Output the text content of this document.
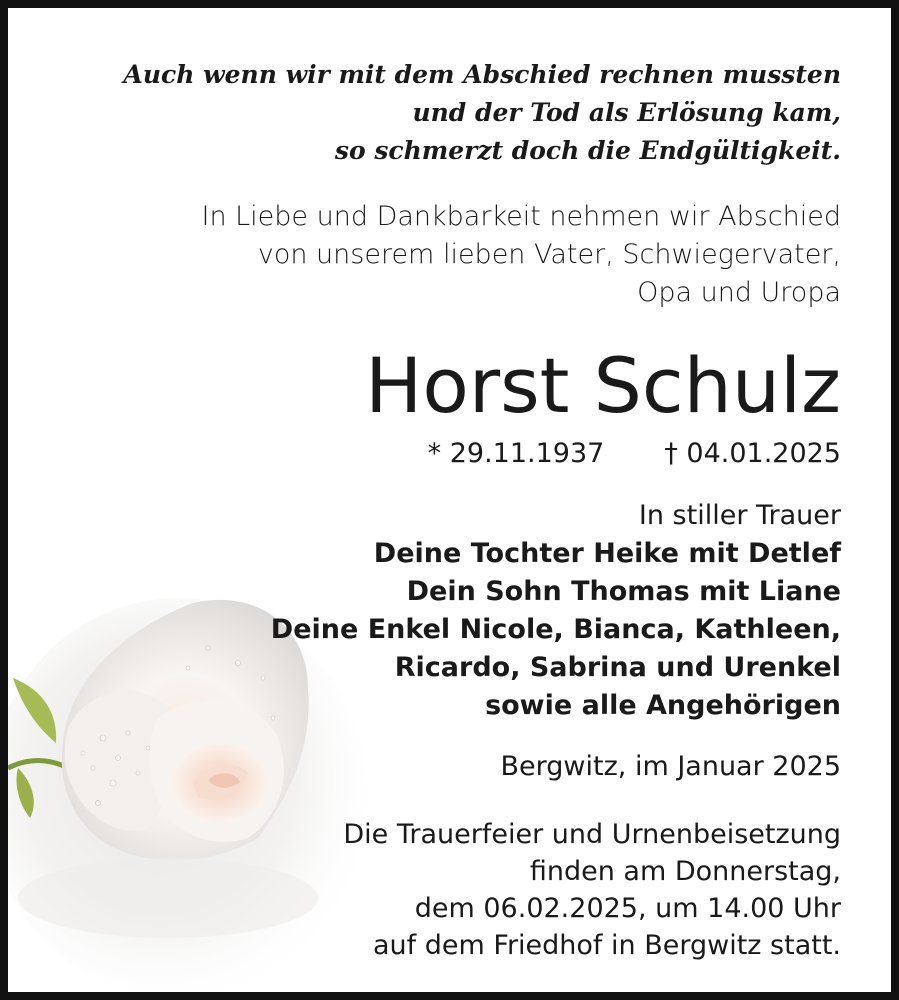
Auch wenn wir mit dem Abschied rechnen mussten
und der Tod als Erlösung kam,
so schmerzt doch die Endgültigkeit.
In Liebe und Dankbarkeit nehmen wir Abschied
von unserem lieben Vater, Schwiegervater,
Opa und Uropa
Horst Schulz
* 29.11.1937 † 04.01.2025
In stiller Trauer
Deine Tochter Heike mit Detlef
Dein Sohn Thomas mit Liane
Deine Enkel Nicole, Bianca, Kathleen,
Ricardo, Sabrina und Urenkel
sowie alle Angehörigen
Bergwitz, im Januar 2025
Die Trauerfeier und Urnenbeisetzung
finden am Donnerstag,
dem 06.02.2025, um 14.00 Uhr
auf dem Friedhof in Bergwitz statt.
